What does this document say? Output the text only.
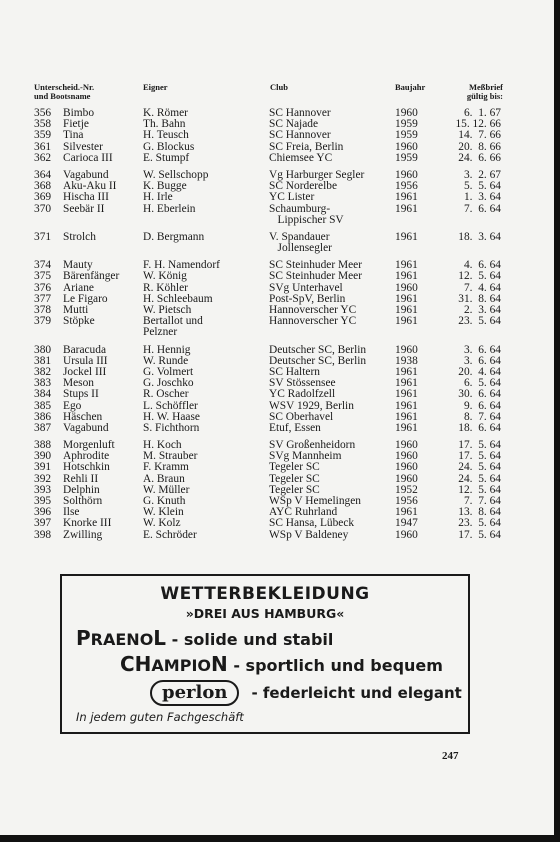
Unterscheid.-Nr.
und Bootsname
Eigner	Club	Baujahr	Meßbrief
gültig bis:
356 Bimbo	K. Römer	SC Hannover	1960	6.  1. 67
358 Fietje	Th. Bahn	SC Najade	1959	15. 12. 66
359 Tina	H. Teusch	SC Hannover	1959	14.  7. 66
361 Silvester	G. Blockus	SC Freia, Berlin	1960	20.  8. 66
362 Carioca III	E. Stumpf	Chiemsee YC	1959	24.  6. 66
364 Vagabund	W. Sellschopp	Vg Harburger Segler	1960	3.  2. 67
368 Aku-Aku II K. Bugge	SC Norderelbe	1956	5.  5. 64
369 Hischa III	H. Irle	YC Lister	1961	1.  3. 64
370 Seebär II	H. Eberlein	Schaumburg-	1961	7.  6. 64
Lippischer SV
371 Strolch	D. Bergmann	V. Spandauer	1961	18.  3. 64
Jollensegler
374 Mauty	F. H. Namendorf	SC Steinhuder Meer	1961	4.  6. 64
375 Bärenfänger W. König	SC Steinhuder Meer	1961	12.  5. 64
376 Ariane	R. Köhler	SVg Unterhavel	1960	7.  4. 64
377 Le Figaro	H. Schleebaum	Post-SpV, Berlin	1961	31.  8. 64
378 Mutti	W. Pietsch	Hannoverscher YC	1961	2.  3. 64
379 Stöpke	Bertallot und	Hannoverscher YC	1961	23.  5. 64
Pelzner
380 Baracuda	H. Hennig	Deutscher SC, Berlin	1960	3.  6. 64
381 Ursula III	W. Runde	Deutscher SC, Berlin	1938	3.  6. 64
382 Jockel III	G. Volmert	SC Haltern	1961	20.  4. 64
383 Meson	G. Joschko	SV Stössensee	1961	6.  5. 64
384 Stups II	R. Oscher	YC Radolfzell	1961	30.  6. 64
385 Ego	L. Schöffler	WSV 1929, Berlin	1961	9.  6. 64
386 Häschen	H. W. Haase	SC Oberhavel	1961	8.  7. 64
387 Vagabund	S. Fichthorn	Etuf, Essen	1961	18.  6. 64
388 Morgenluft H. Koch	SV Großenheidorn	1960	17.  5. 64
390 Aphrodite	M. Strauber	SVg Mannheim	1960	17.  5. 64
391 Hotschkin	F. Kramm	Tegeler SC	1960	24.  5. 64
392 Rehli II	A. Braun	Tegeler SC	1960	24.  5. 64
393 Delphin	W. Müller	Tegeler SC	1952	12.  5. 64
395 Solthörn	G. Knuth	WSp V Hemelingen	1956	7.  7. 64
396 Ilse	W. Klein	AYC Ruhrland	1961	13.  8. 64
397 Knorke III	W. Kolz	SC Hansa, Lübeck	1947	23.  5. 64
398 Zwilling	E. Schröder	WSp V Baldeney	1960	17.  5. 64
WETTERBEKLEIDUNG
»DREI AUS HAMBURG«
PRAENOL - solide und stabil
CHAMPION - sportlich und bequem
perlon	- federleicht und elegant
In jedem guten Fachgeschäft
247
